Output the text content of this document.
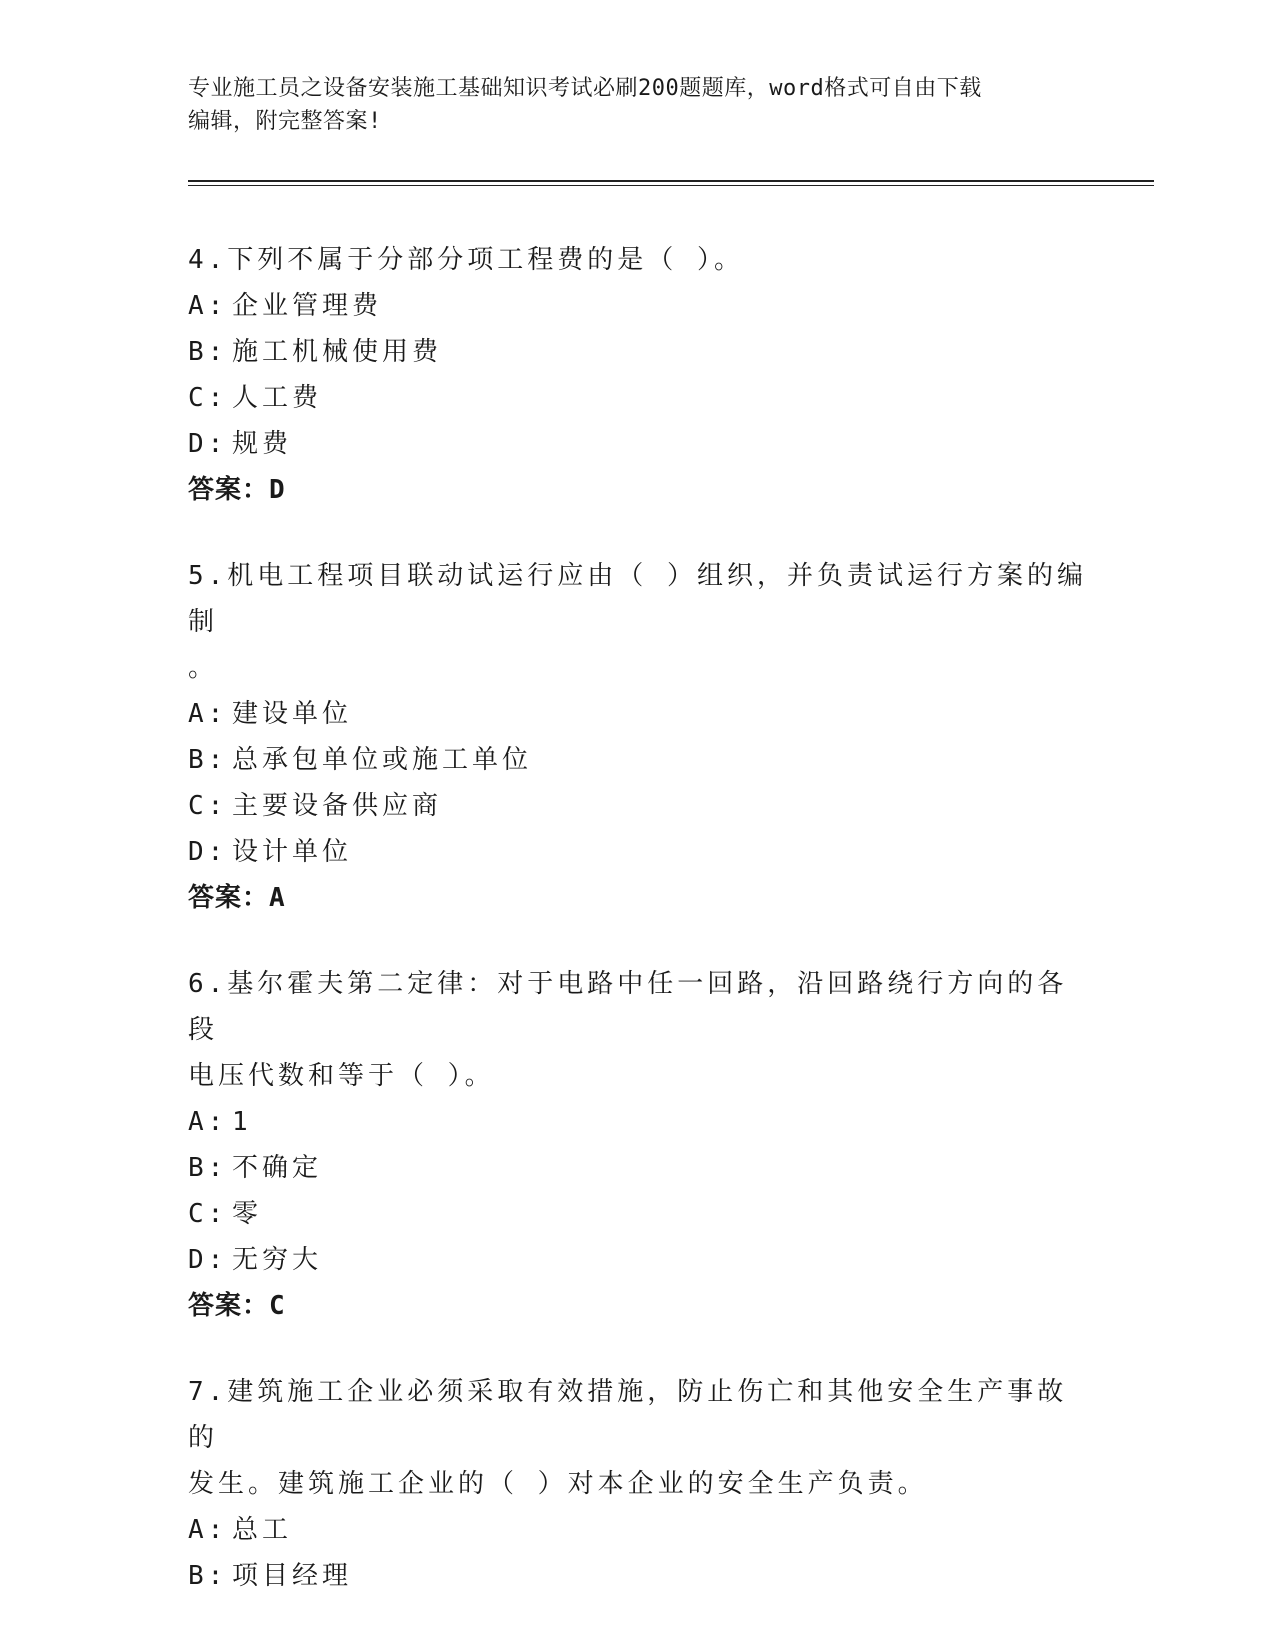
专业施工员之设备安装施工基础知识考试必刷200题题库，word格式可自由下载
编辑，附完整答案!

4.下列不属于分部分项工程费的是（ ）。

A: 企业管理费

B: 施工机械使用费

C: 人工费

D: 规费

答案：D

5.机电工程项目联动试运行应由（ ）组织，并负责试运行方案的编制

。

A: 建设单位

B: 总承包单位或施工单位

C: 主要设备供应商

D: 设计单位

答案：A

6.基尔霍夫第二定律：对于电路中任一回路，沿回路绕行方向的各段

电压代数和等于（ ）。

A: 1

B: 不确定

C: 零

D: 无穷大

答案：C

7.建筑施工企业必须采取有效措施，防止伤亡和其他安全生产事故的

发生。建筑施工企业的（ ）对本企业的安全生产负责。

A: 总工

B: 项目经理
